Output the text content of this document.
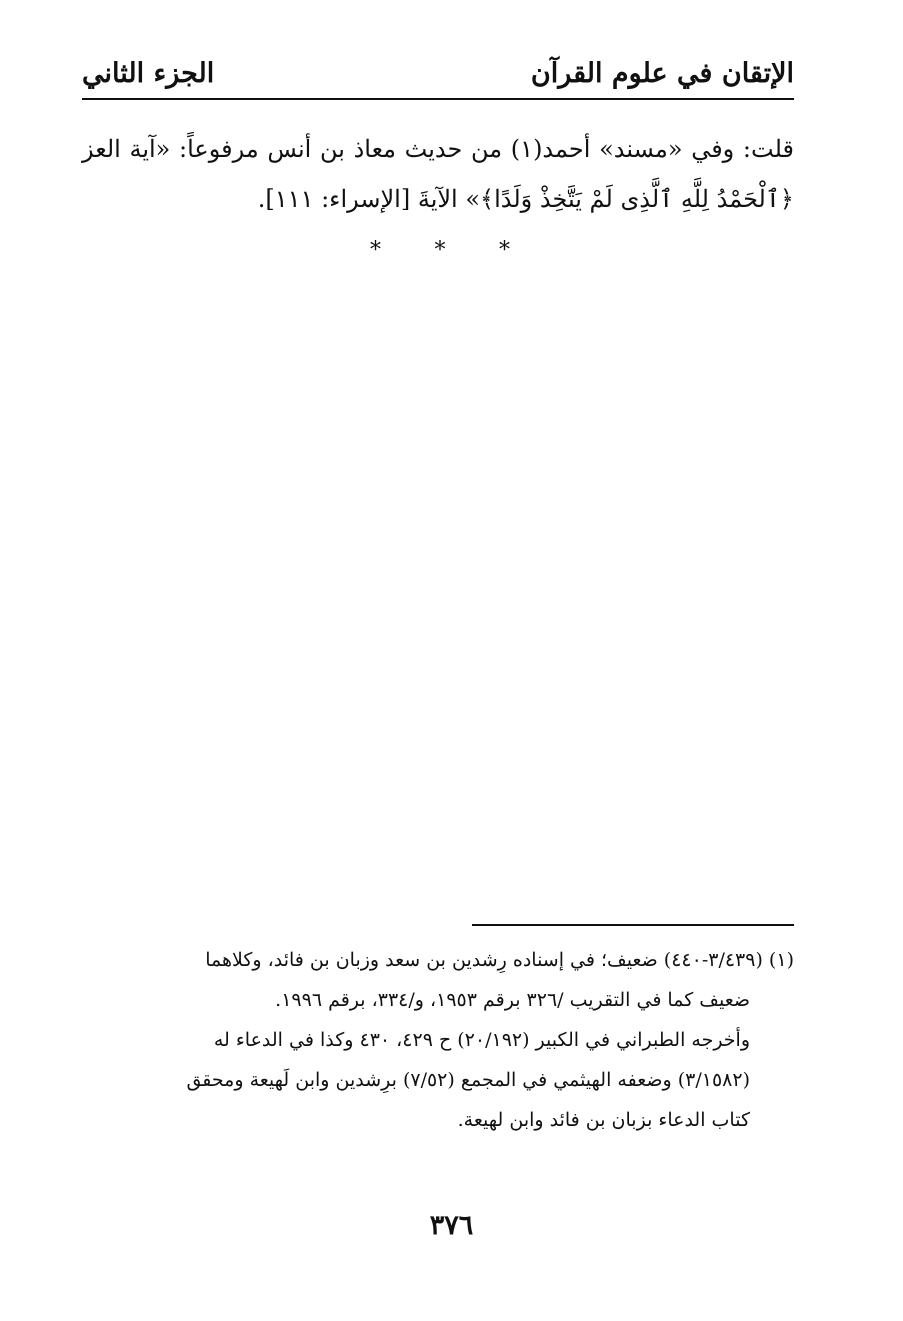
الإتقان في علوم القرآن
الجزء الثاني
قلت: وفي «مسند» أحمد(١) من حديث معاذ بن أنس مرفوعاً: «آية العز ﴿ٱلْحَمْدُ لِلَّهِ ٱلَّذِى لَمْ يَتَّخِذْ وَلَدًا﴾» الآيةَ [الإسراء: ١١١].
* * *

(١) (٣/٤٣٩-٤٤٠) ضعيف؛ في إسناده رِشدين بن سعد وزبان بن فائد، وكلاهما

ضعيف كما في التقريب /٣٢٦ برقم ١٩٥٣، و/٣٣٤، برقم ١٩٩٦.

وأخرجه الطبراني في الكبير (٢٠/١٩٢) ح ٤٢٩، ٤٣٠ وكذا في الدعاء له

(٣/١٥٨٢) وضعفه الهيثمي في المجمع (٧/٥٢) برِشدين وابن لَهيعة ومحقق

كتاب الدعاء بزبان بن فائد وابن لهيعة.

٣٧٦
